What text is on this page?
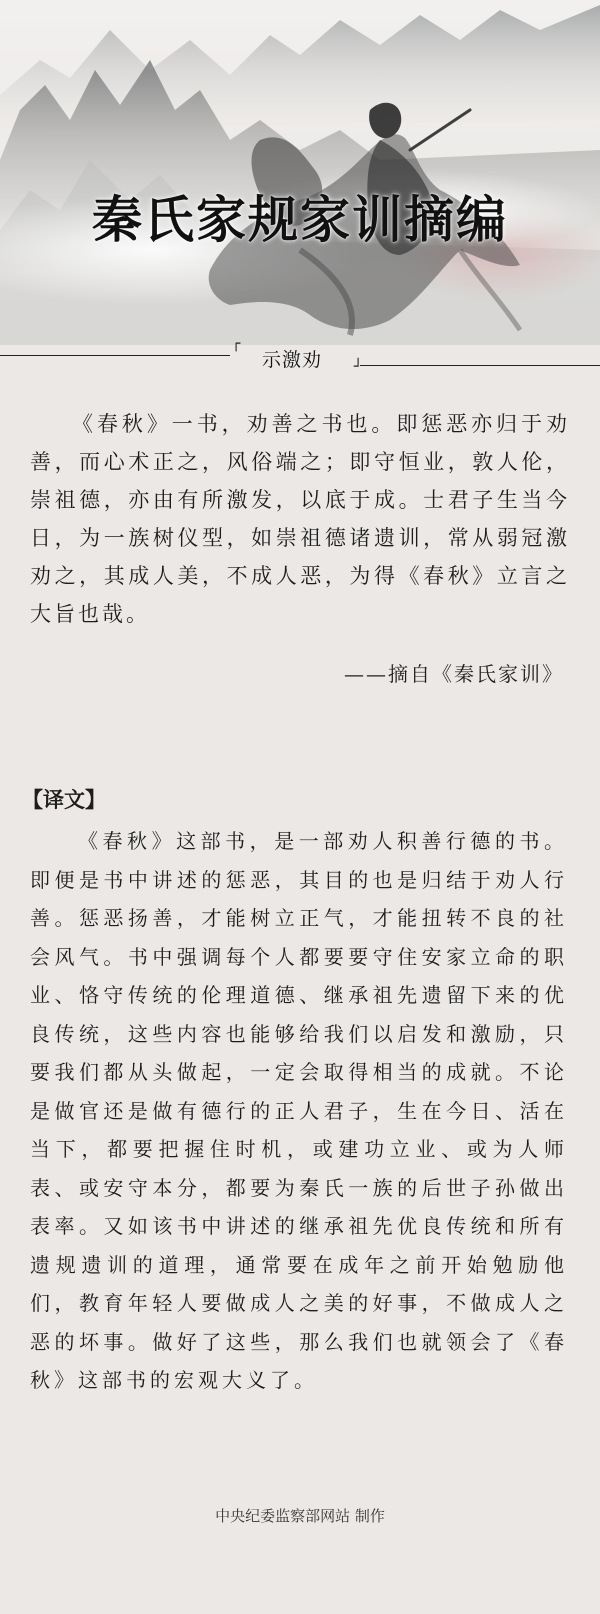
秦氏家规家训摘编
┌
示激劝 ┘

《春秋》一书，劝善之书也。即惩恶亦归于劝善，而心术正之，风俗端之；即守恒业，敦人伦，崇祖德，亦由有所激发，以底于成。士君子生当今日，为一族树仪型，如崇祖德诸遗训，常从弱冠激劝之，其成人美，不成人恶，为得《春秋》立言之大旨也哉。

——摘自《秦氏家训》
【译文】

《春秋》这部书，是一部劝人积善行德的书。即便是书中讲述的惩恶，其目的也是归结于劝人行善。惩恶扬善，才能树立正气，才能扭转不良的社会风气。书中强调每个人都要要守住安家立命的职业、恪守传统的伦理道德、继承祖先遗留下来的优良传统，这些内容也能够给我们以启发和激励，只要我们都从头做起，一定会取得相当的成就。不论是做官还是做有德行的正人君子，生在今日、活在当下，都要把握住时机，或建功立业、或为人师表、或安守本分，都要为秦氏一族的后世子孙做出表率。又如该书中讲述的继承祖先优良传统和所有遗规遗训的道理，通常要在成年之前开始勉励他们，教育年轻人要做成人之美的好事，不做成人之恶的坏事。做好了这些，那么我们也就领会了《春秋》这部书的宏观大义了。

中央纪委监察部网站 制作
